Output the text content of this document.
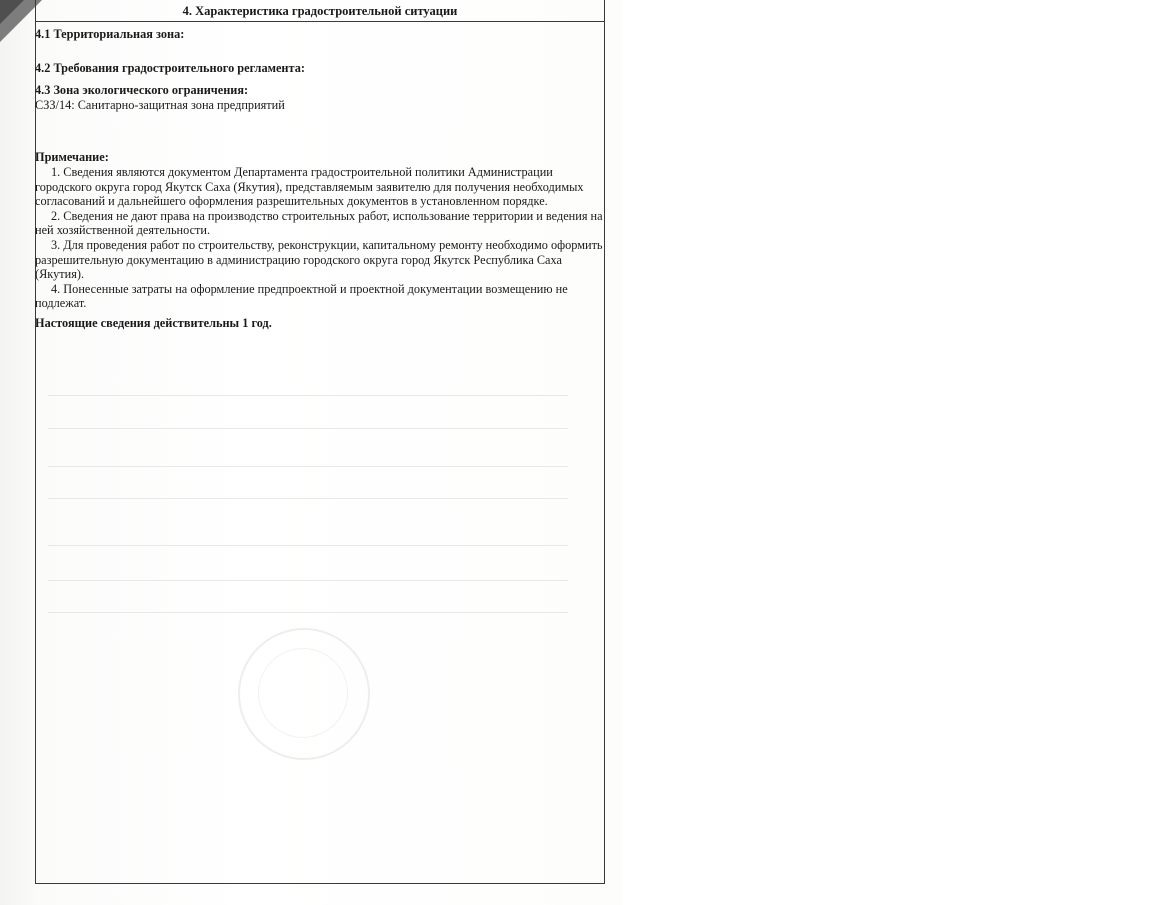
4. Характеристика градостроительной ситуации

4.1 Территориальная зона:

4.2 Требования градостроительного регламента:

4.3 Зона экологического ограничения:

СЗЗ/14: Санитарно-защитная зона предприятий

Примечание:

1. Сведения являются документом Департамента градостроительной политики Администрации городского округа город Якутск Саха (Якутия), представляемым заявителю для получения необходимых согласований и дальнейшего оформления разрешительных документов в установленном порядке.

2. Сведения не дают права на производство строительных работ, использование территории и ведения на ней хозяйственной деятельности.

3. Для проведения работ по строительству, реконструкции, капитальному ремонту необходимо оформить разрешительную документацию в администрацию городского округа город Якутск Республика Саха (Якутия).

4. Понесенные затраты на оформление предпроектной и проектной документации возмещению не подлежат.

Настоящие сведения действительны 1 год.
